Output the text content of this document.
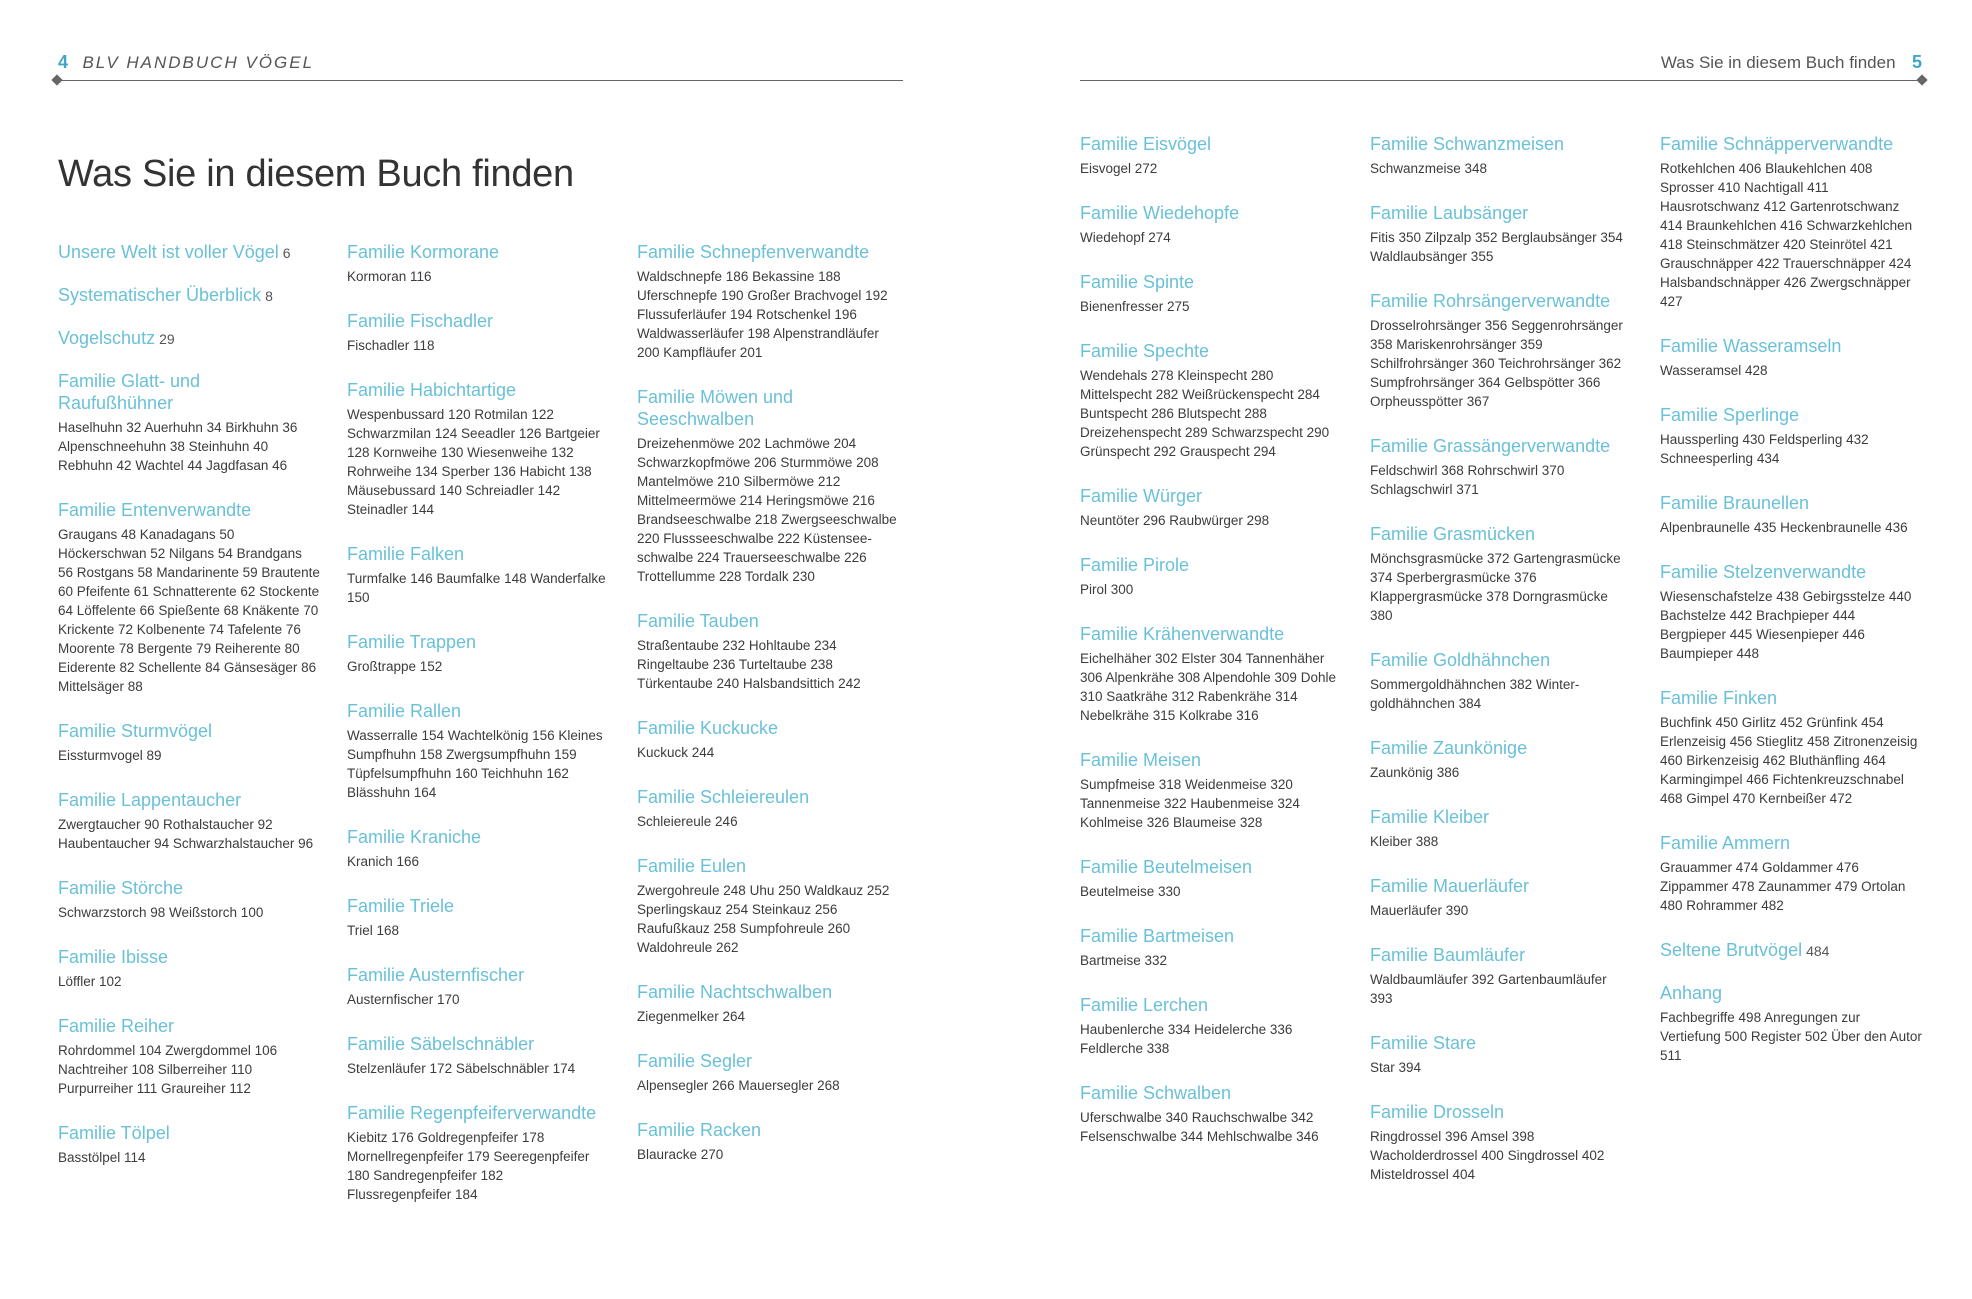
4 BLV HANDBUCH VÖGEL
Was Sie in diesem Buch finden
Unsere Welt ist voller Vögel 6
Systematischer Überblick 8
Vogelschutz 29
Familie Glatt- und Raufußhühner
Haselhuhn 32 Auerhuhn 34 Birkhuhn 36 Alpenschneehuhn 38 Steinhuhn 40 Rebhuhn 42 Wachtel 44 Jagdfasan 46
Familie Entenverwandte
Graugans 48 Kanadagans 50 Höckerschwan 52 Nilgans 54 Brandgans 56 Rostgans 58 Mandarinente 59 Brautente 60 Pfeifente 61 Schnatterente 62 Stockente 64 Löffelente 66 Spießente 68 Knäkente 70 Krickente 72 Kolbenente 74 Tafelente 76 Moorente 78 Bergente 79 Reiherente 80 Eiderente 82 Schellente 84 Gänsesäger 86 Mittelsäger 88
Familie Sturmvögel
Eissturmvogel 89
Familie Lappentaucher
Zwergtaucher 90 Rothalstaucher 92 Haubentaucher 94 Schwarzhalstaucher 96
Familie Störche
Schwarzstorch 98 Weißstorch 100
Familie Ibisse
Löffler 102
Familie Reiher
Rohrdommel 104 Zwergdommel 106 Nachtreiher 108 Silberreiher 110 Purpurreiher 111 Graureiher 112
Familie Tölpel
Basstölpel 114
Familie Kormorane
Kormoran 116
Familie Fischadler
Fischadler 118
Familie Habichtartige
Wespenbussard 120 Rotmilan 122 Schwarzmilan 124 Seeadler 126 Bartgeier 128 Kornweihe 130 Wiesenweihe 132 Rohrweihe 134 Sperber 136 Habicht 138 Mäusebussard 140 Schreiadler 142 Steinadler 144
Familie Falken
Turmfalke 146 Baumfalke 148 Wanderfalke 150
Familie Trappen
Großtrappe 152
Familie Rallen
Wasserralle 154 Wachtelkönig 156 Kleines Sumpfhuhn 158 Zwergsumpfhuhn 159 Tüpfelsumpfhuhn 160 Teichhuhn 162 Blässhuhn 164
Familie Kraniche
Kranich 166
Familie Triele
Triel 168
Familie Austernfischer
Austernfischer 170
Familie Säbelschnäbler
Stelzenläufer 172 Säbelschnäbler 174
Familie Regenpfeiferverwandte
Kiebitz 176 Goldregenpfeifer 178 Mornellregenpfeifer 179 Seeregenpfeifer 180 Sandregenpfeifer 182 Flussregenpfeifer 184
Familie Schnepfenverwandte
Waldschnepfe 186 Bekassine 188 Uferschnepfe 190 Großer Brachvogel 192 Flussuferläufer 194 Rotschenkel 196 Waldwasserläufer 198 Alpenstrandläufer 200 Kampfläufer 201
Familie Möwen und Seeschwalben
Dreizehenmöwe 202 Lachmöwe 204 Schwarzkopfmöwe 206 Sturmmöwe 208 Mantelmöwe 210 Silbermöwe 212 Mittelmeermöwe 214 Heringsmöwe 216 Brandseeschwalbe 218 Zwergseeschwalbe 220 Flussseeschwalbe 222 Küstenseeschwalbe 224 Trauerseeschwalbe 226 Trottellumme 228 Tordalk 230
Familie Tauben
Straßentaube 232 Hohltaube 234 Ringeltaube 236 Turteltaube 238 Türkentaube 240 Halsbandsittich 242
Familie Kuckucke
Kuckuck 244
Familie Schleiereulen
Schleiereule 246
Familie Eulen
Zwergohreule 248 Uhu 250 Waldkauz 252 Sperlingskauz 254 Steinkauz 256 Raufußkauz 258 Sumpfohreule 260 Waldohreule 262
Familie Nachtschwalben
Ziegenmelker 264
Familie Segler
Alpensegler 266 Mauersegler 268
Familie Racken
Blauracke 270
Was Sie in diesem Buch finden 5
Familie Eisvögel
Eisvogel 272
Familie Wiedehopfe
Wiedehopf 274
Familie Spinte
Bienenfresser 275
Familie Spechte
Wendehals 278 Kleinspecht 280 Mittelspecht 282 Weißrückenspecht 284 Buntspecht 286 Blutspecht 288 Dreizehenspecht 289 Schwarzspecht 290 Grünspecht 292 Grauspecht 294
Familie Würger
Neuntöter 296 Raubwürger 298
Familie Pirole
Pirol 300
Familie Krähenverwandte
Eichelhäher 302 Elster 304 Tannenhäher 306 Alpenkrähe 308 Alpendohle 309 Dohle 310 Saatkrähe 312 Rabenkrähe 314 Nebelkrähe 315 Kolkrabe 316
Familie Meisen
Sumpfmeise 318 Weidenmeise 320 Tannenmeise 322 Haubenmeise 324 Kohlmeise 326 Blaumeise 328
Familie Beutelmeisen
Beutelmeise 330
Familie Bartmeisen
Bartmeise 332
Familie Lerchen
Haubenlerche 334 Heidelerche 336 Feldlerche 338
Familie Schwalben
Uferschwalbe 340 Rauchschwalbe 342 Felsenschwalbe 344 Mehlschwalbe 346
Familie Schwanzmeisen
Schwanzmeise 348
Familie Laubsänger
Fitis 350 Zilpzalp 352 Berglaubsänger 354 Waldlaubsänger 355
Familie Rohrsängerverwandte
Drosselrohrsänger 356 Seggenrohrsänger 358 Mariskenrohrsänger 359 Schilfrohrsänger 360 Teichrohrsänger 362 Sumpfrohrsänger 364 Gelbspötter 366 Orpheusspötter 367
Familie Grassängerverwandte
Feldschwirl 368 Rohrschwirl 370 Schlagschwirl 371
Familie Grasmücken
Mönchsgrasmücke 372 Gartengrasmücke 374 Sperbergrasmücke 376 Klappergrasmücke 378 Dorngrasmücke 380
Familie Goldhähnchen
Sommergoldhähnchen 382 Wintergoldhähnchen 384
Familie Zaunkönige
Zaunkönig 386
Familie Kleiber
Kleiber 388
Familie Mauerläufer
Mauerläufer 390
Familie Baumläufer
Waldbaumläufer 392 Gartenbaumläufer 393
Familie Stare
Star 394
Familie Drosseln
Ringdrossel 396 Amsel 398 Wacholderdrossel 400 Singdrossel 402 Misteldrossel 404
Familie Schnäpperverwandte
Rotkehlchen 406 Blaukehlchen 408 Sprosser 410 Nachtigall 411 Hausrotschwanz 412 Gartenrotschwanz 414 Braunkehlchen 416 Schwarzkehlchen 418 Steinschmätzer 420 Steinrötel 421 Grauschnäpper 422 Trauerschnäpper 424 Halsbandschnäpper 426 Zwergschnäpper 427
Familie Wasseramseln
Wasseramsel 428
Familie Sperlinge
Haussperling 430 Feldsperling 432 Schneesperling 434
Familie Braunellen
Alpenbraunelle 435 Heckenbraunelle 436
Familie Stelzenverwandte
Wiesenschafstelze 438 Gebirgsstelze 440 Bachstelze 442 Brachpieper 444 Bergpieper 445 Wiesenpieper 446 Baumpieper 448
Familie Finken
Buchfink 450 Girlitz 452 Grünfink 454 Erlenzeisig 456 Stieglitz 458 Zitronenzeisig 460 Birkenzeisig 462 Bluthänfling 464 Karmingimpel 466 Fichtenkreuzschnabel 468 Gimpel 470 Kernbeißer 472
Familie Ammern
Grauammer 474 Goldammer 476 Zippammer 478 Zaunammer 479 Ortolan 480 Rohrammer 482
Seltene Brutvögel 484
Anhang
Fachbegriffe 498 Anregungen zur Vertiefung 500 Register 502 Über den Autor 511
